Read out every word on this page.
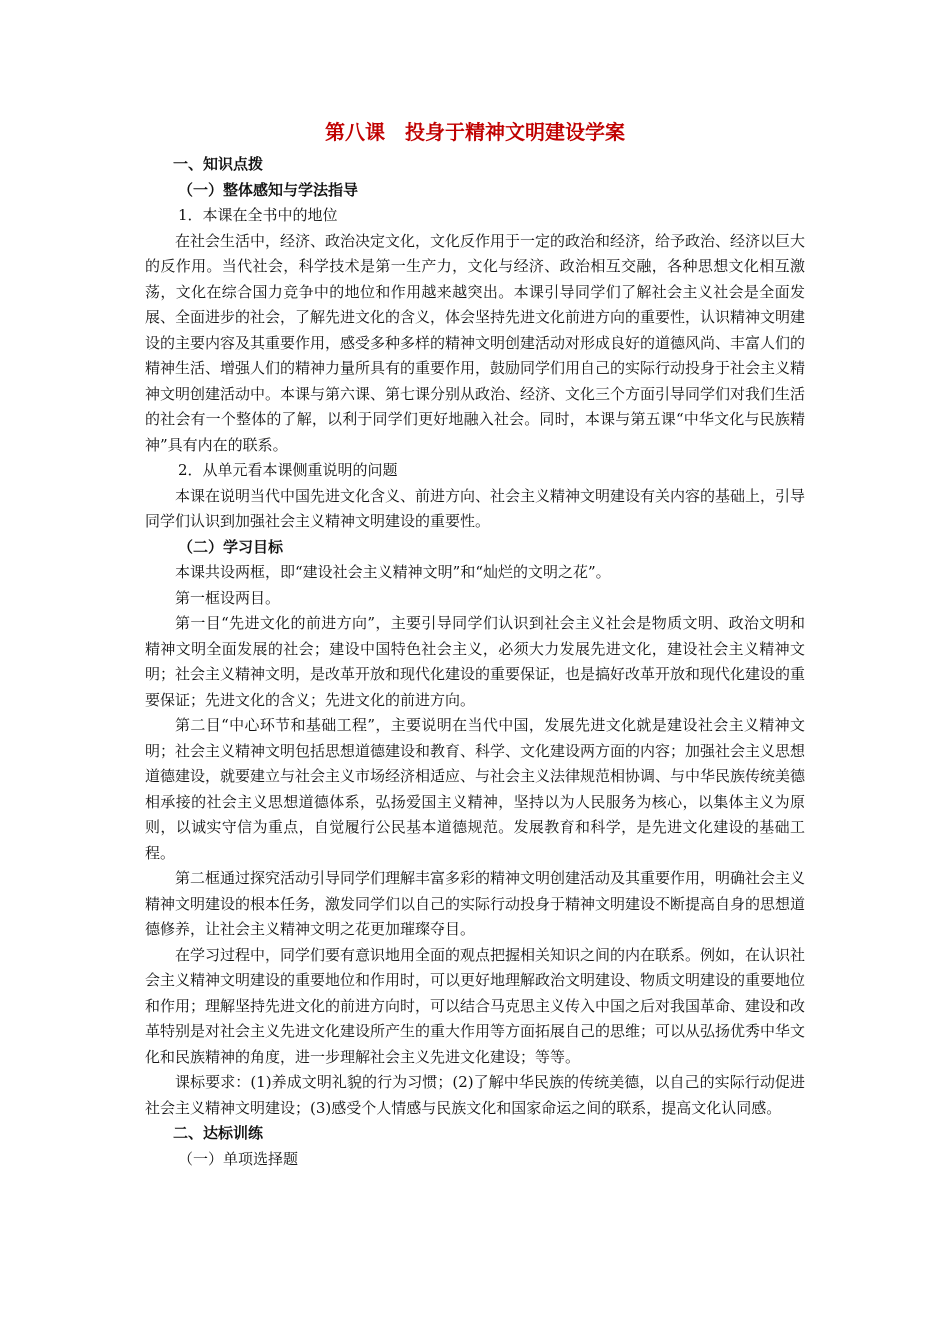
第八课　投身于精神文明建设学案
一、知识点拨
（一）整体感知与学法指导
1．本课在全书中的地位

在社会生活中，经济、政治决定文化，文化反作用于一定的政治和经济，给予政治、经济以巨大的反作用。当代社会，科学技术是第一生产力，文化与经济、政治相互交融，各种思想文化相互激荡，文化在综合国力竞争中的地位和作用越来越突出。本课引导同学们了解社会主义社会是全面发展、全面进步的社会，了解先进文化的含义，体会坚持先进文化前进方向的重要性，认识精神文明建设的主要内容及其重要作用，感受多种多样的精神文明创建活动对形成良好的道德风尚、丰富人们的精神生活、增强人们的精神力量所具有的重要作用，鼓励同学们用自己的实际行动投身于社会主义精神文明创建活动中。本课与第六课、第七课分别从政治、经济、文化三个方面引导同学们对我们生活的社会有一个整体的了解，以利于同学们更好地融入社会。同时，本课与第五课“中华文化与民族精神”具有内在的联系。

2．从单元看本课侧重说明的问题

本课在说明当代中国先进文化含义、前进方向、社会主义精神文明建设有关内容的基础上，引导同学们认识到加强社会主义精神文明建设的重要性。

（二）学习目标

本课共设两框，即“建设社会主义精神文明”和“灿烂的文明之花”。

第一框设两目。

第一目“先进文化的前进方向”，主要引导同学们认识到社会主义社会是物质文明、政治文明和精神文明全面发展的社会；建设中国特色社会主义，必须大力发展先进文化，建设社会主义精神文明；社会主义精神文明，是改革开放和现代化建设的重要保证，也是搞好改革开放和现代化建设的重要保证；先进文化的含义；先进文化的前进方向。

第二目“中心环节和基础工程”，主要说明在当代中国，发展先进文化就是建设社会主义精神文明；社会主义精神文明包括思想道德建设和教育、科学、文化建设两方面的内容；加强社会主义思想道德建设，就要建立与社会主义市场经济相适应、与社会主义法律规范相协调、与中华民族传统美德相承接的社会主义思想道德体系，弘扬爱国主义精神，坚持以为人民服务为核心，以集体主义为原则，以诚实守信为重点，自觉履行公民基本道德规范。发展教育和科学，是先进文化建设的基础工程。

第二框通过探究活动引导同学们理解丰富多彩的精神文明创建活动及其重要作用，明确社会主义精神文明建设的根本任务，激发同学们以自己的实际行动投身于精神文明建设不断提高自身的思想道德修养，让社会主义精神文明之花更加璀璨夺目。

在学习过程中，同学们要有意识地用全面的观点把握相关知识之间的内在联系。例如，在认识社会主义精神文明建设的重要地位和作用时，可以更好地理解政治文明建设、物质文明建设的重要地位和作用；理解坚持先进文化的前进方向时，可以结合马克思主义传入中国之后对我国革命、建设和改革特别是对社会主义先进文化建设所产生的重大作用等方面拓展自己的思维；可以从弘扬优秀中华文化和民族精神的角度，进一步理解社会主义先进文化建设；等等。

课标要求：(1)养成文明礼貌的行为习惯；(2)了解中华民族的传统美德，以自己的实际行动促进社会主义精神文明建设；(3)感受个人情感与民族文化和国家命运之间的联系，提高文化认同感。

二、达标训练
（一）单项选择题
